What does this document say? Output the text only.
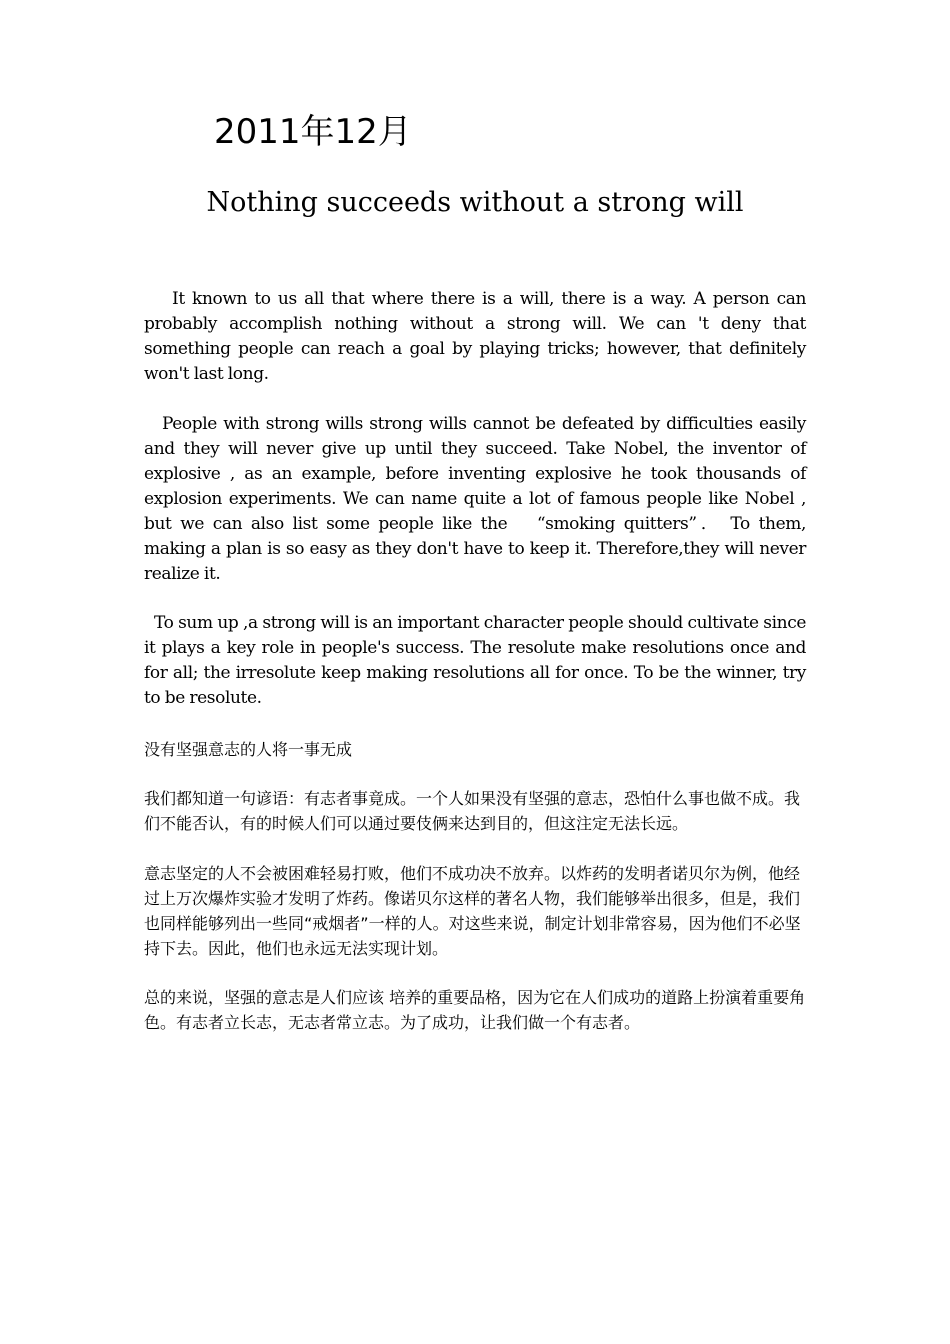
2011年12月
Nothing succeeds without a strong will

It known to us all that where there is a will, there is a way. A person can probably accomplish nothing without a strong will. We can 't deny that something people can reach a goal by playing tricks; however, that definitely won't last long.

People with strong wills strong wills cannot be defeated by difficulties easily and they will never give up until they succeed. Take Nobel, the inventor of explosive , as an example, before inventing explosive he took thousands of explosion experiments. We can name quite a lot of famous people like Nobel , but we can also list some people like the 　“smoking quitters”． To them, making a plan is so easy as they don't have to keep it. Therefore,they will never realize it.

To sum up ,a strong will is an important character people should cultivate since it plays a key role in people's success. The resolute make resolutions once and for all; the irresolute keep making resolutions all for once. To be the winner, try to be resolute.

没有坚强意志的人将一事无成

我们都知道一句谚语：有志者事竟成。一个人如果没有坚强的意志，恐怕什么事也做不成。我们不能否认，有的时候人们可以通过要伎俩来达到目的，但这注定无法长远。

意志坚定的人不会被困难轻易打败，他们不成功决不放弃。以炸药的发明者诺贝尔为例，他经过上万次爆炸实验才发明了炸药。像诺贝尔这样的著名人物，我们能够举出很多，但是，我们也同样能够列出一些同“戒烟者”一样的人。对这些来说，制定计划非常容易，因为他们不必坚持下去。因此，他们也永远无法实现计划。

总的来说，坚强的意志是人们应该 培养的重要品格，因为它在人们成功的道路上扮演着重要角色。有志者立长志，无志者常立志。为了成功，让我们做一个有志者。
